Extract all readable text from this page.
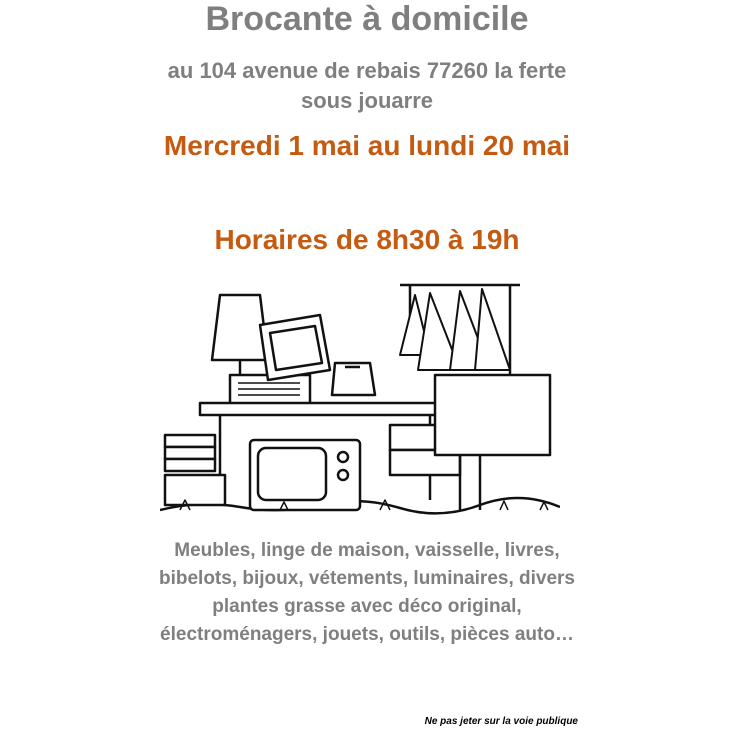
Brocante à domicile
au 104 avenue de rebais 77260 la ferte sous jouarre
Mercredi 1 mai au lundi 20 mai
Horaires de 8h30 à 19h
Meubles, linge de maison, vaisselle, livres, bibelots, bijoux, vétements, luminaires, divers plantes grasse avec déco original, électroménagers, jouets, outils, pièces auto…
Ne pas jeter sur la voie publique
